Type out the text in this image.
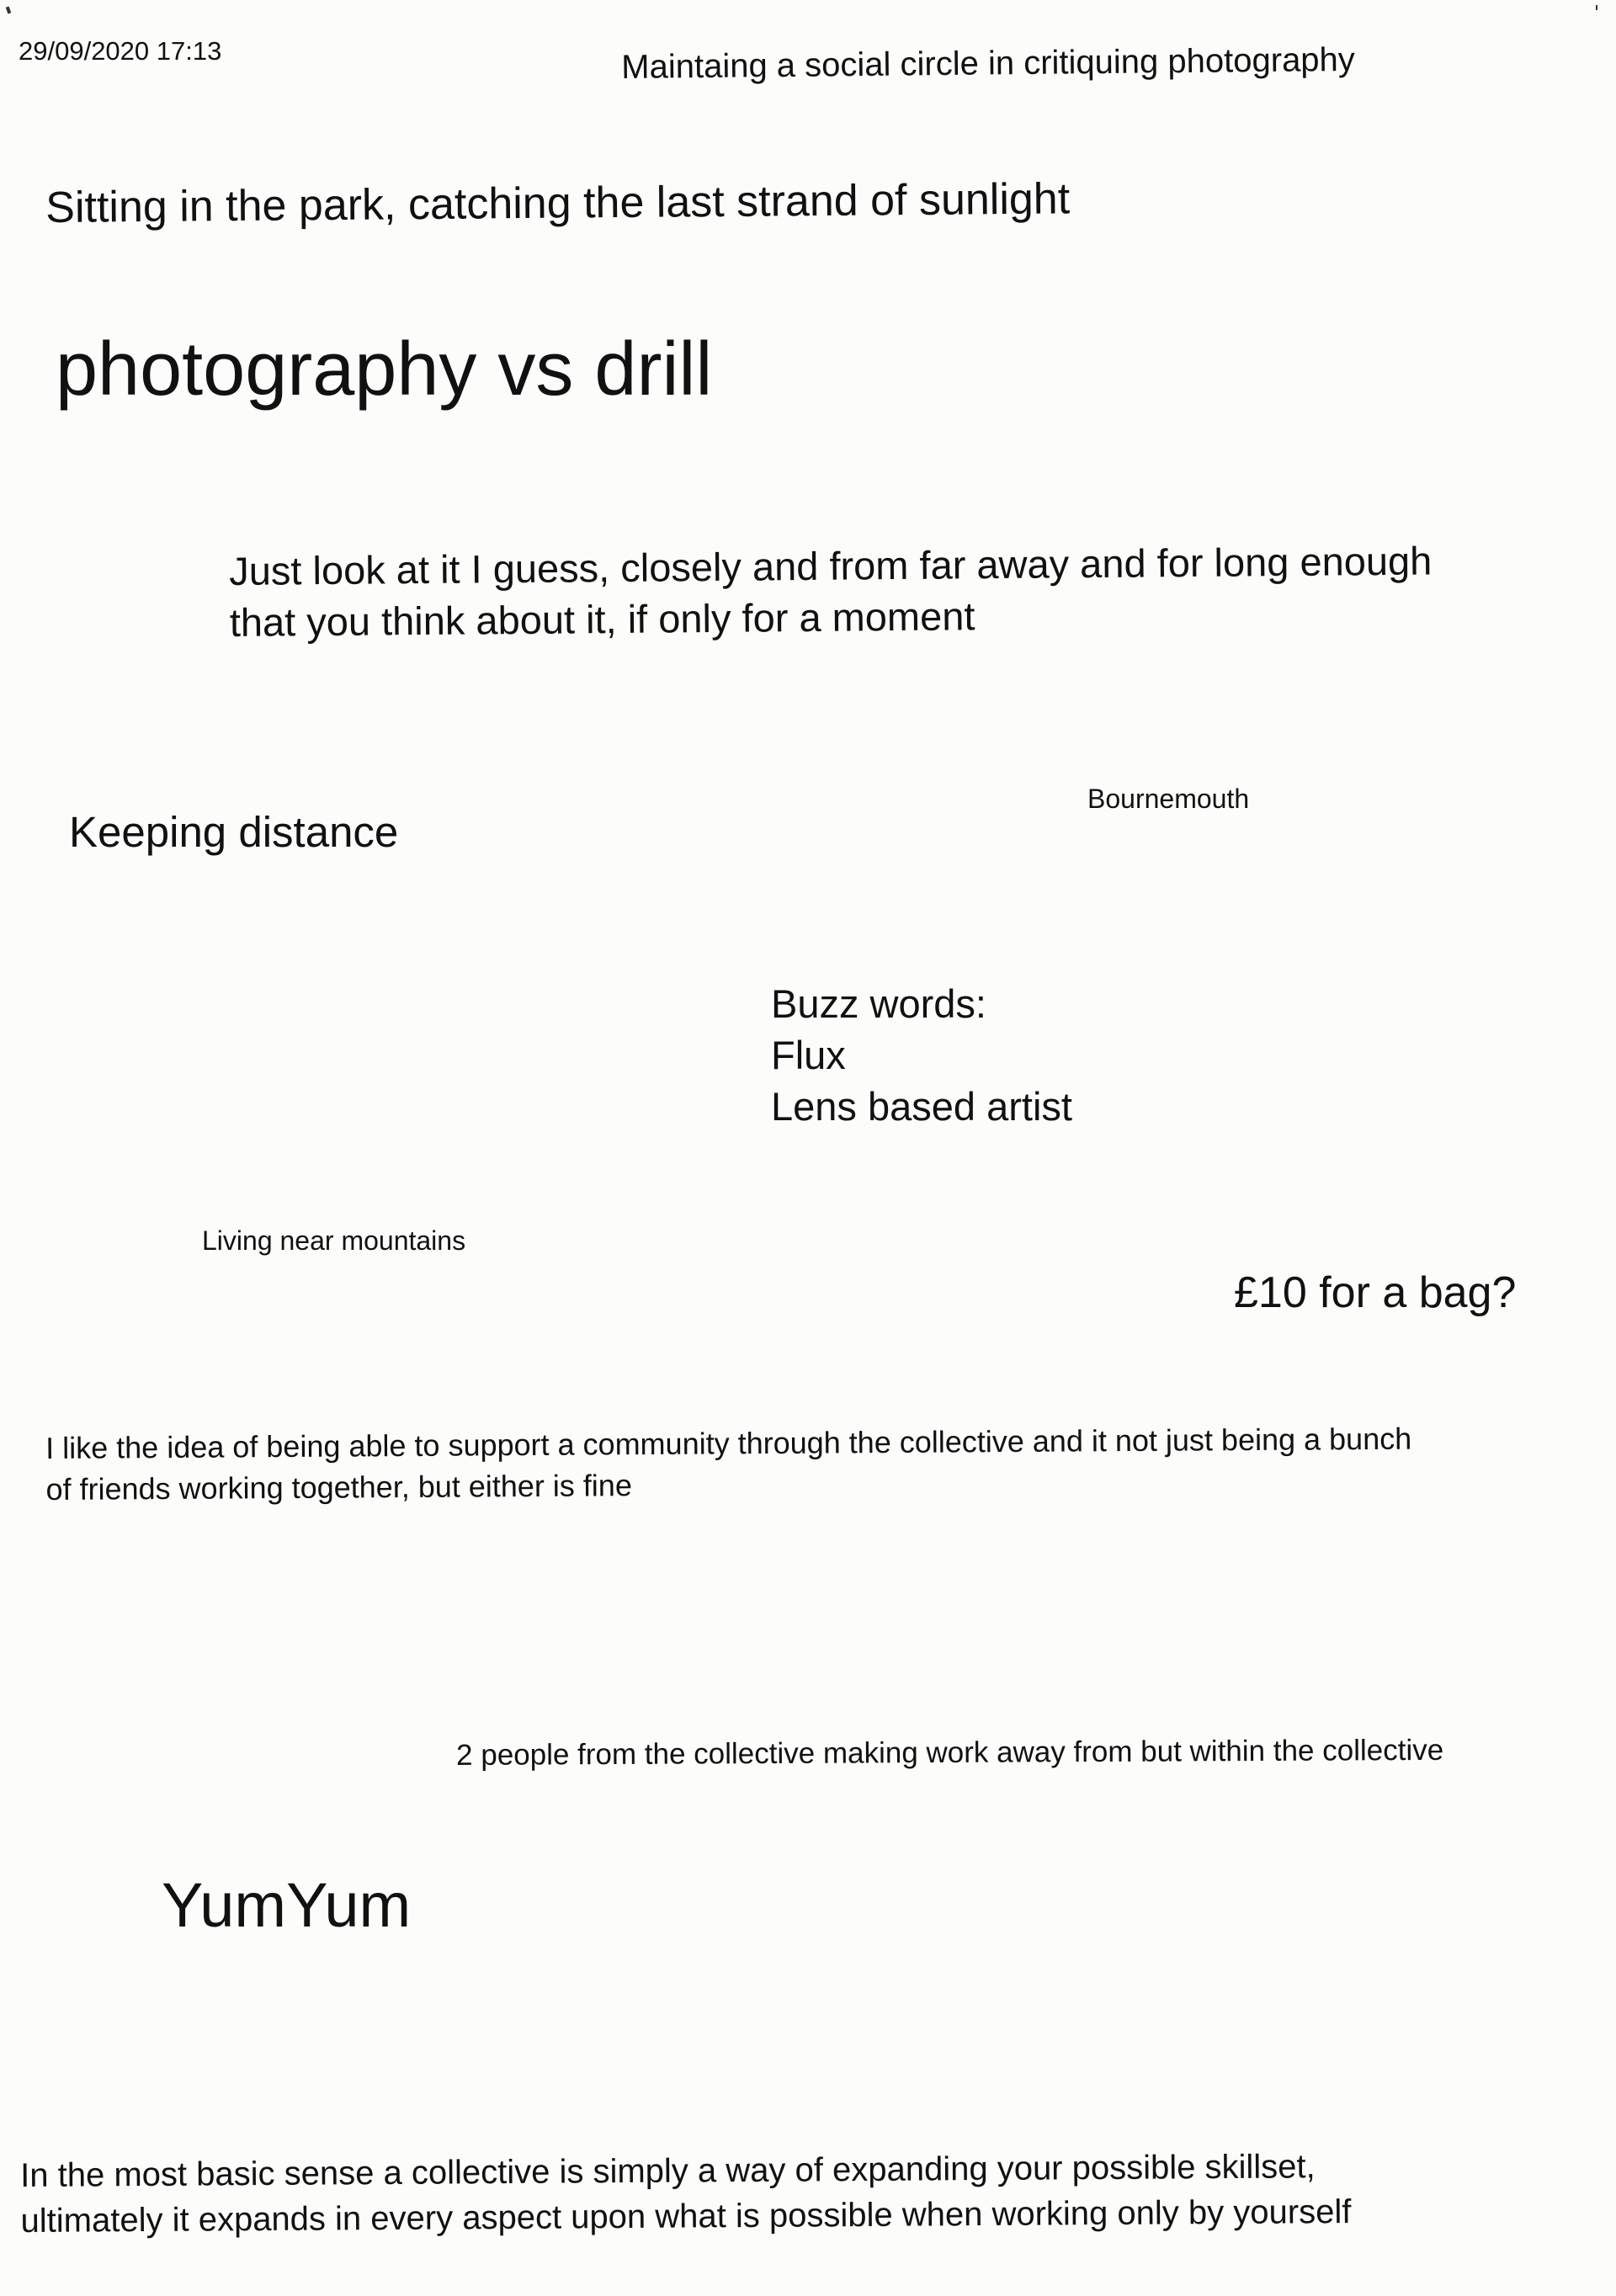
29/09/2020 17:13	Maintaing a social circle in critiquing photography
Sitting in the park, catching the last strand of sunlight
photography vs drill
Just look at it I guess, closely and from far away and for long enough
that you think about it, if only for a moment
Keeping distance
Bournemouth
Buzz words:
Flux
Lens based artist
Living near mountains
£10 for a bag?
I like the idea of being able to support a community through the collective and it not just being a bunch
of friends working together, but either is fine
2 people from the collective making work away from but within the collective
YumYum
In the most basic sense a collective is simply a way of expanding your possible skillset,
ultimately it expands in every aspect upon what is possible when working only by yourself
